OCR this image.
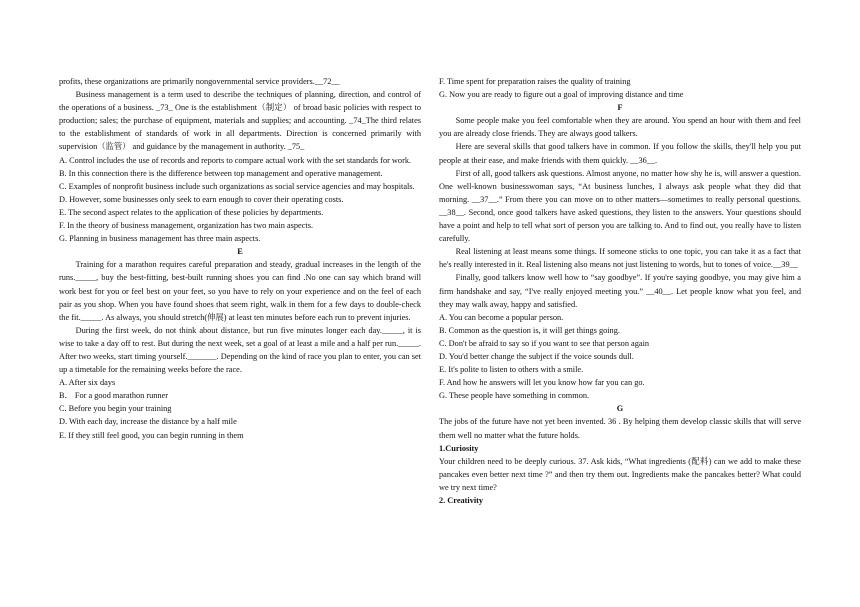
profits, these organizations are primarily nongovernmental service providers.__72__

Business management is a term used to describe the techniques of planning, direction, and control of the operations of a business. _73_ One is the establishment（制定） of broad basic policies with respect to production; sales; the purchase of equipment, materials and supplies; and accounting. _74_The third relates to the establishment of standards of work in all departments. Direction is concerned primarily with supervision（监管） and guidance by the management in authority. _75_

A. Control includes the use of records and reports to compare actual work with the set standards for work.

B. In this connection there is the difference between top management and operative management.

C. Examples of nonprofit business include such organizations as social service agencies and may hospitals.

D. However, some businesses only seek to earn enough to cover their operating costs.

E. The second aspect relates to the application of these policies by departments.

F. In the theory of business management, organization has two main aspects.

G. Planning in business management has three main aspects.

E

Training for a marathon requires careful preparation and steady, gradual increases in the length of the runs._____, buy the best-fitting, best-built running shoes you can find .No one can say which brand will work best for you or feel best on your feet, so you have to rely on your experience and on the feel of each pair as you shop. When you have found shoes that seem right, walk in them for a few days to double-check the fit._____. As always, you should stretch(伸展) at least ten minutes before each run to prevent injuries.

During the first week, do not think about distance, but run five minutes longer each day._____, it is wise to take a day off to rest. But during the next week, set a goal of at least a mile and a half per run._____. After two weeks, start timing yourself._______. Depending on the kind of race you plan to enter, you can set up a timetable for the remaining weeks before the race.

A. After six days

B． For a good marathon runner

C. Before you begin your training

D. With each day, increase the distance by a half mile

E. If they still feel good, you can begin running in them

F. Time spent for preparation raises the quality of training

G. Now you are ready to figure out a goal of improving distance and time

F

Some people make you feel comfortable when they are around. You spend an hour with them and feel you are already close friends. They are always good talkers.

Here are several skills that good talkers have in common. If you follow the skills, they'll help you put people at their ease, and make friends with them quickly. __36__.

First of all, good talkers ask questions. Almost anyone, no matter how shy he is, will answer a question. One well-known businesswoman says, “At business lunches, I always ask people what they did that morning. __37__.” From there you can move on to other matters—sometimes to really personal questions. __38__. Second, once good talkers have asked questions, they listen to the answers. Your questions should have a point and help to tell what sort of person you are talking to. And to find out, you really have to listen carefully.

Real listening at least means some things. If someone sticks to one topic, you can take it as a fact that he's really interested in it. Real listening also means not just listening to words, but to tones of voice.__39__

Finally, good talkers know well how to “say goodbye”. If you're saying goodbye, you may give him a firm handshake and say, “I've really enjoyed meeting you.” __40__. Let people know what you feel, and they may walk away, happy and satisfied.

A. You can become a popular person.

B. Common as the question is, it will get things going.

C. Don't be afraid to say so if you want to see that person again

D. You'd better change the subject if the voice sounds dull.

E. It's polite to listen to others with a smile.

F. And how he answers will let you know how far you can go.

G. These people have something in common.

G

The jobs of the future have not yet been invented. 36 . By helping them develop classic skills that will serve them well no matter what the future holds.

1.Curiosity

Your children need to be deeply curious. 37. Ask kids, “What ingredients (配料) can we add to make these pancakes even better next time ?” and then try them out. Ingredients make the pancakes better? What could we try next time?

2. Creativity
